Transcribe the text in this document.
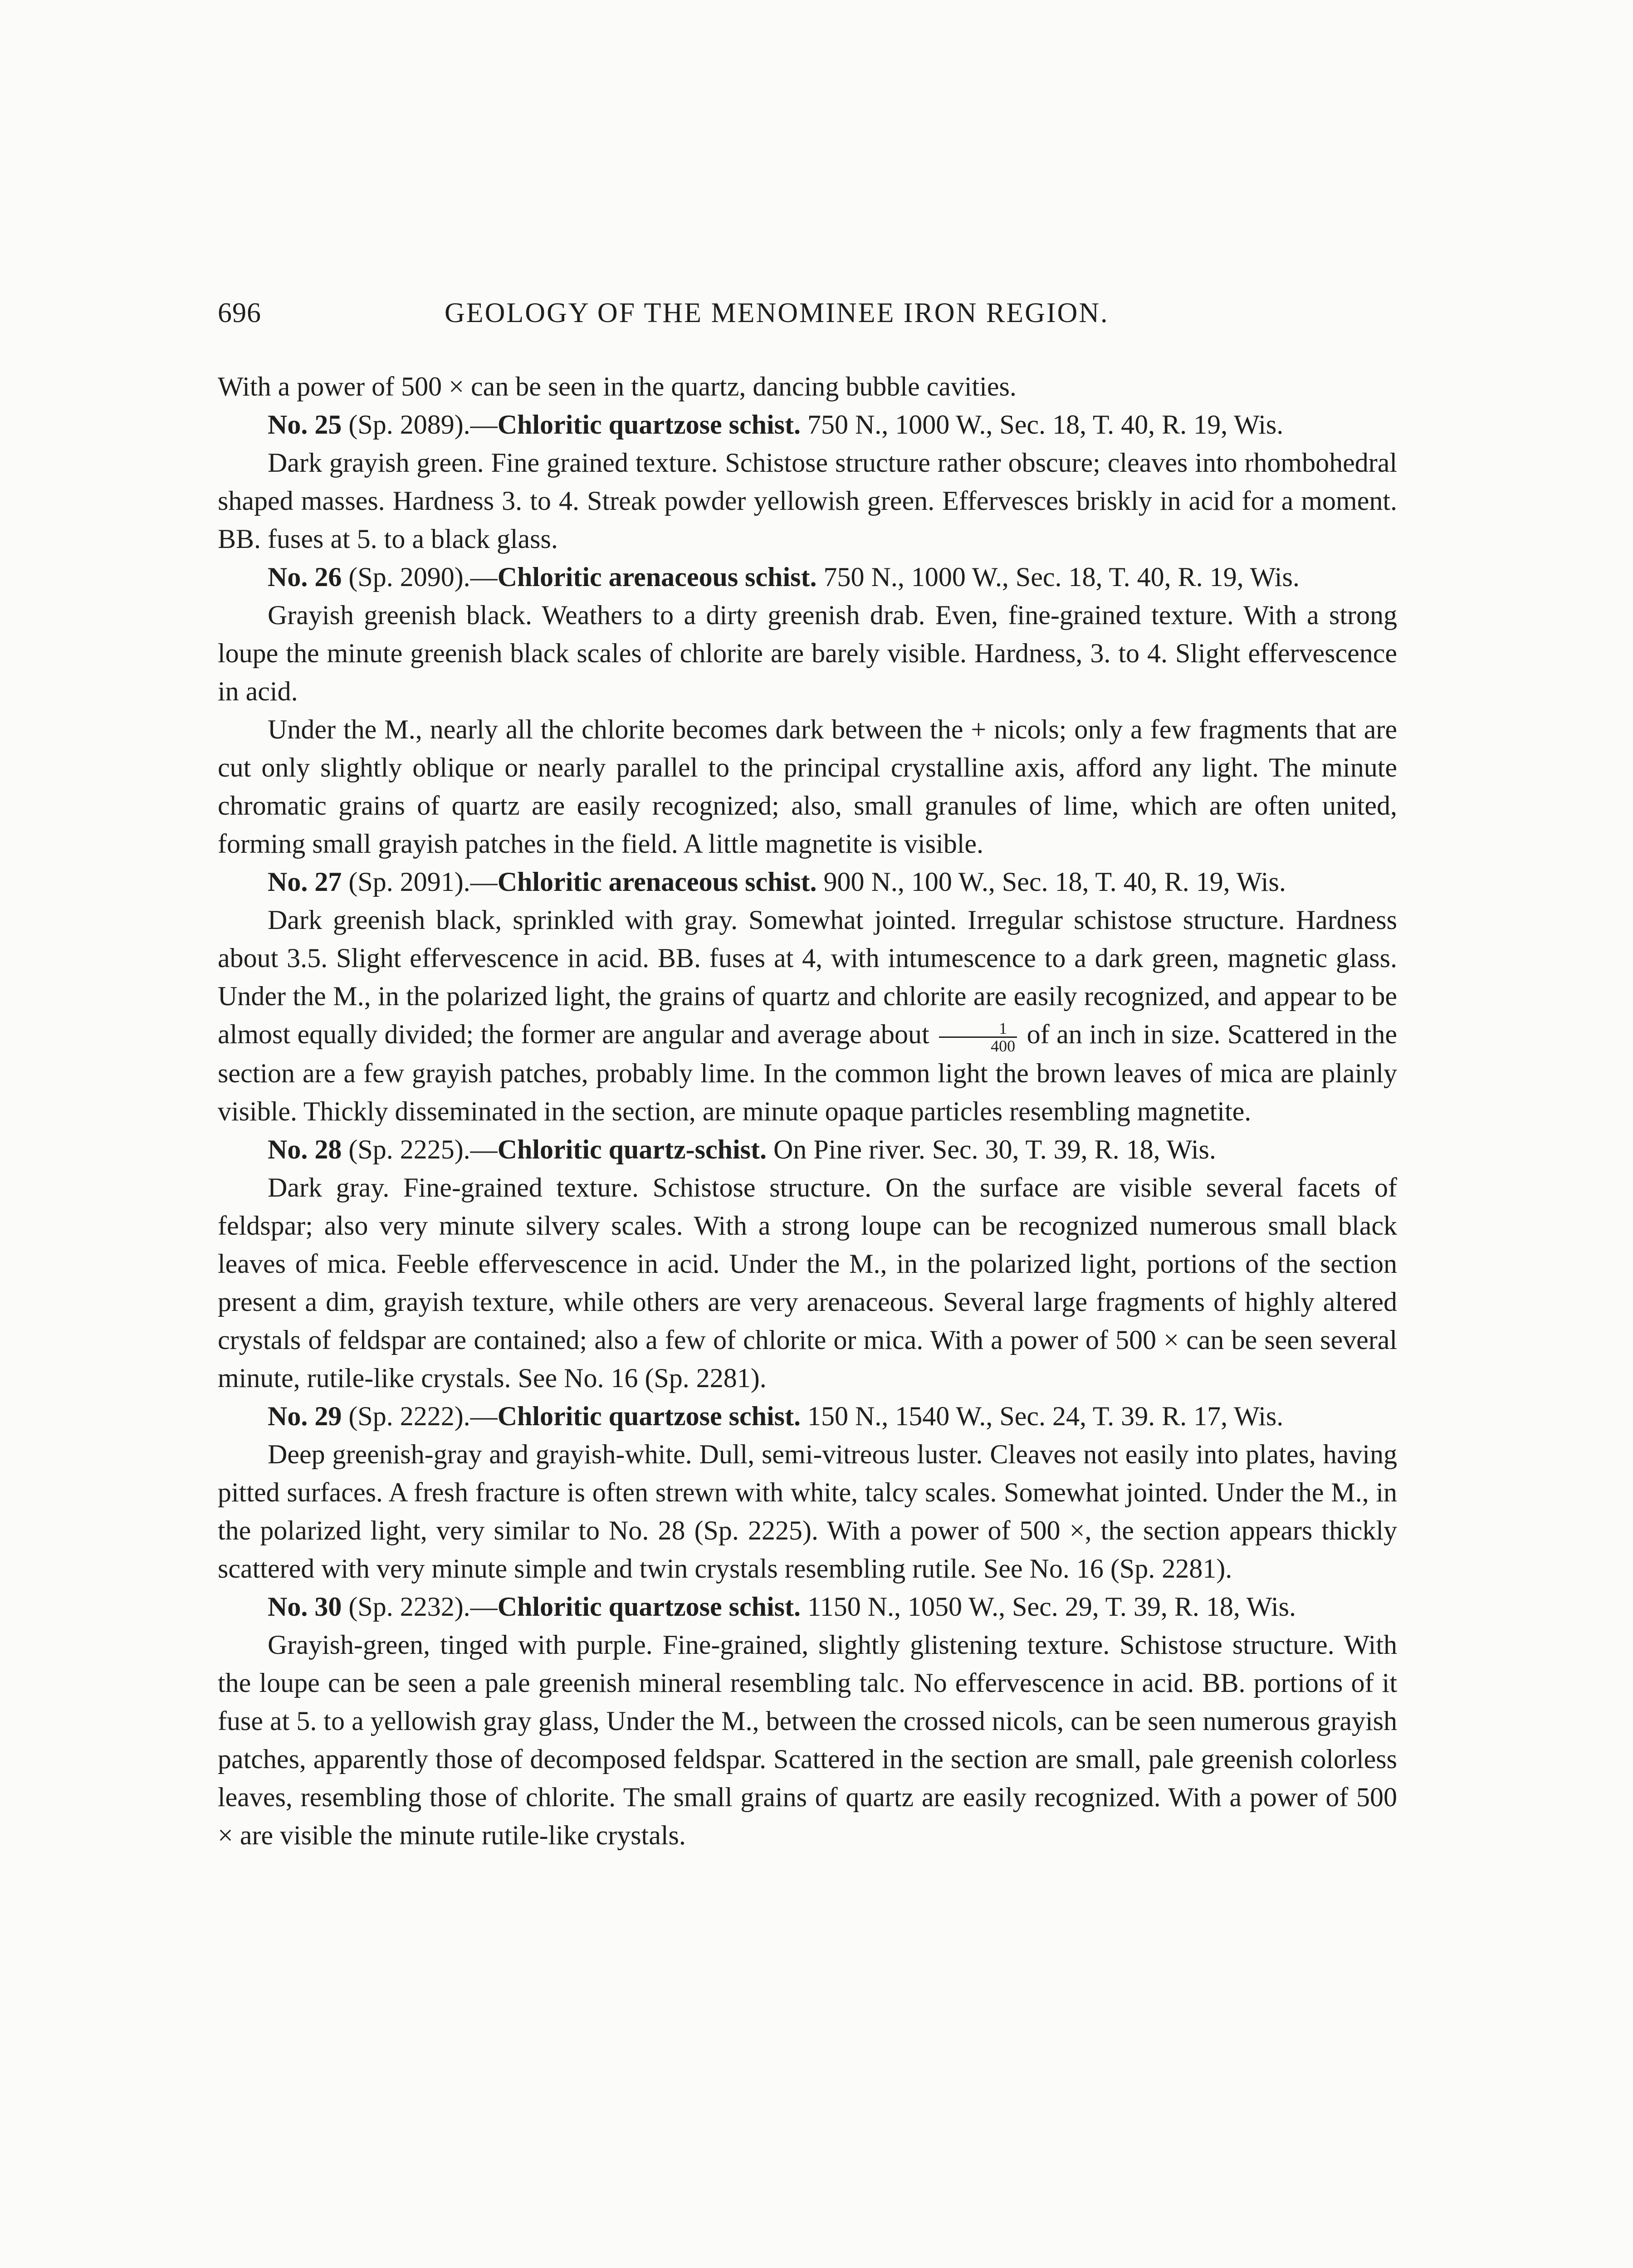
696	GEOLOGY OF THE MENOMINEE IRON REGION.

With a power of 500 × can be seen in the quartz, dancing bubble cavities.

No. 25 (Sp. 2089).—Chloritic quartzose schist. 750 N., 1000 W., Sec. 18, T. 40, R. 19, Wis.

Dark grayish green. Fine grained texture. Schistose structure rather obscure; cleaves into rhombohedral shaped masses. Hardness 3. to 4. Streak powder yellowish green. Effervesces briskly in acid for a moment. BB. fuses at 5. to a black glass.

No. 26 (Sp. 2090).—Chloritic arenaceous schist. 750 N., 1000 W., Sec. 18, T. 40, R. 19, Wis.

Grayish greenish black. Weathers to a dirty greenish drab. Even, fine-grained texture. With a strong loupe the minute greenish black scales of chlorite are barely visible. Hardness, 3. to 4. Slight effervescence in acid.

Under the M., nearly all the chlorite becomes dark between the + nicols; only a few fragments that are cut only slightly oblique or nearly parallel to the principal crystalline axis, afford any light. The minute chromatic grains of quartz are easily recognized; also, small granules of lime, which are often united, forming small grayish patches in the field. A little magnetite is visible.

No. 27 (Sp. 2091).—Chloritic arenaceous schist. 900 N., 100 W., Sec. 18, T. 40, R. 19, Wis.

Dark greenish black, sprinkled with gray. Somewhat jointed. Irregular schistose structure. Hardness about 3.5. Slight effervescence in acid. BB. fuses at 4, with intumescence to a dark green, magnetic glass. Under the M., in the polarized light, the grains of quartz and chlorite are easily recognized, and appear to be almost equally divided; the former are angular and average about $\frac{1}{400}$ of an inch in size. Scattered in the section are a few grayish patches, probably lime. In the common light the brown leaves of mica are plainly visible. Thickly disseminated in the section, are minute opaque particles resembling magnetite.

No. 28 (Sp. 2225).—Chloritic quartz-schist. On Pine river. Sec. 30, T. 39, R. 18, Wis.

Dark gray. Fine-grained texture. Schistose structure. On the surface are visible several facets of feldspar; also very minute silvery scales. With a strong loupe can be recognized numerous small black leaves of mica. Feeble effervescence in acid. Under the M., in the polarized light, portions of the section present a dim, grayish texture, while others are very arenaceous. Several large fragments of highly altered crystals of feldspar are contained; also a few of chlorite or mica. With a power of 500 × can be seen several minute, rutile-like crystals. See No. 16 (Sp. 2281).

No. 29 (Sp. 2222).—Chloritic quartzose schist. 150 N., 1540 W., Sec. 24, T. 39. R. 17, Wis.

Deep greenish-gray and grayish-white. Dull, semi-vitreous luster. Cleaves not easily into plates, having pitted surfaces. A fresh fracture is often strewn with white, talcy scales. Somewhat jointed. Under the M., in the polarized light, very similar to No. 28 (Sp. 2225). With a power of 500 ×, the section appears thickly scattered with very minute simple and twin crystals resembling rutile. See No. 16 (Sp. 2281).

No. 30 (Sp. 2232).—Chloritic quartzose schist. 1150 N., 1050 W., Sec. 29, T. 39, R. 18, Wis.

Grayish-green, tinged with purple. Fine-grained, slightly glistening texture. Schistose structure. With the loupe can be seen a pale greenish mineral resembling talc. No effervescence in acid. BB. portions of it fuse at 5. to a yellowish gray glass, Under the M., between the crossed nicols, can be seen numerous grayish patches, apparently those of decomposed feldspar. Scattered in the section are small, pale greenish colorless leaves, resembling those of chlorite. The small grains of quartz are easily recognized. With a power of 500 × are visible the minute rutile-like crystals.
